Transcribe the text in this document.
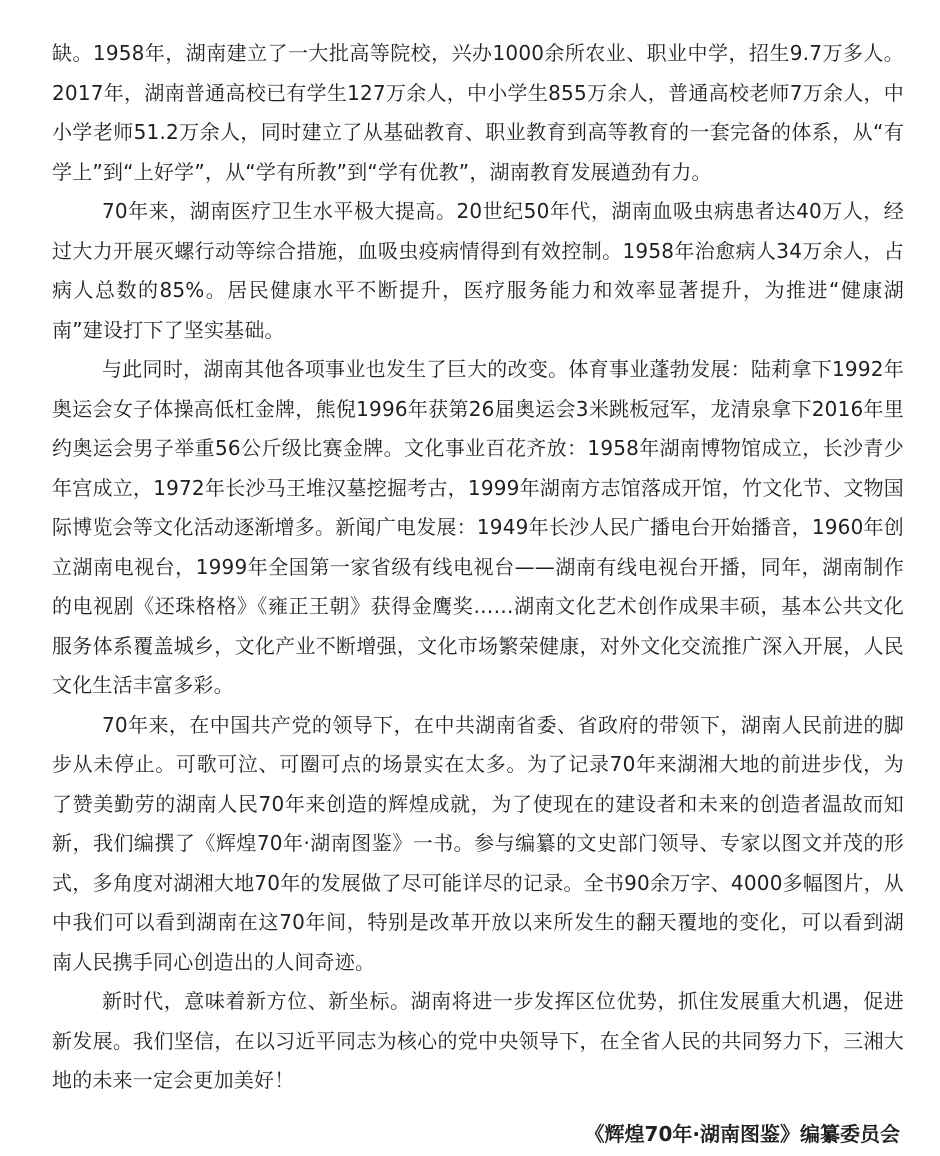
缺。1958年，湖南建立了一大批高等院校，兴办1000余所农业、职业中学，招生9.7万多人。2017年，湖南普通高校已有学生127万余人，中小学生855万余人，普通高校老师7万余人，中小学老师51.2万余人，同时建立了从基础教育、职业教育到高等教育的一套完备的体系，从“有学上”到“上好学”，从“学有所教”到“学有优教”，湖南教育发展遒劲有力。

70年来，湖南医疗卫生水平极大提高。20世纪50年代，湖南血吸虫病患者达40万人，经过大力开展灭螺行动等综合措施，血吸虫疫病情得到有效控制。1958年治愈病人34万余人，占病人总数的85%。居民健康水平不断提升，医疗服务能力和效率显著提升，为推进“健康湖南”建设打下了坚实基础。

与此同时，湖南其他各项事业也发生了巨大的改变。体育事业蓬勃发展：陆莉拿下1992年奥运会女子体操高低杠金牌，熊倪1996年获第26届奥运会3米跳板冠军，龙清泉拿下2016年里约奥运会男子举重56公斤级比赛金牌。文化事业百花齐放：1958年湖南博物馆成立，长沙青少年宫成立，1972年长沙马王堆汉墓挖掘考古，1999年湖南方志馆落成开馆，竹文化节、文物国际博览会等文化活动逐渐增多。新闻广电发展：1949年长沙人民广播电台开始播音，1960年创立湖南电视台，1999年全国第一家省级有线电视台——湖南有线电视台开播，同年，湖南制作的电视剧《还珠格格》《雍正王朝》获得金鹰奖……湖南文化艺术创作成果丰硕，基本公共文化服务体系覆盖城乡，文化产业不断增强，文化市场繁荣健康，对外文化交流推广深入开展，人民文化生活丰富多彩。

70年来，在中国共产党的领导下，在中共湖南省委、省政府的带领下，湖南人民前进的脚步从未停止。可歌可泣、可圈可点的场景实在太多。为了记录70年来湖湘大地的前进步伐，为了赞美勤劳的湖南人民70年来创造的辉煌成就，为了使现在的建设者和未来的创造者温故而知新，我们编撰了《辉煌70年·湖南图鉴》一书。参与编纂的文史部门领导、专家以图文并茂的形式，多角度对湖湘大地70年的发展做了尽可能详尽的记录。全书90余万字、4000多幅图片，从中我们可以看到湖南在这70年间，特别是改革开放以来所发生的翻天覆地的变化，可以看到湖南人民携手同心创造出的人间奇迹。

新时代，意味着新方位、新坐标。湖南将进一步发挥区位优势，抓住发展重大机遇，促进新发展。我们坚信，在以习近平同志为核心的党中央领导下，在全省人民的共同努力下，三湘大地的未来一定会更加美好！

《辉煌70年·湖南图鉴》编纂委员会
